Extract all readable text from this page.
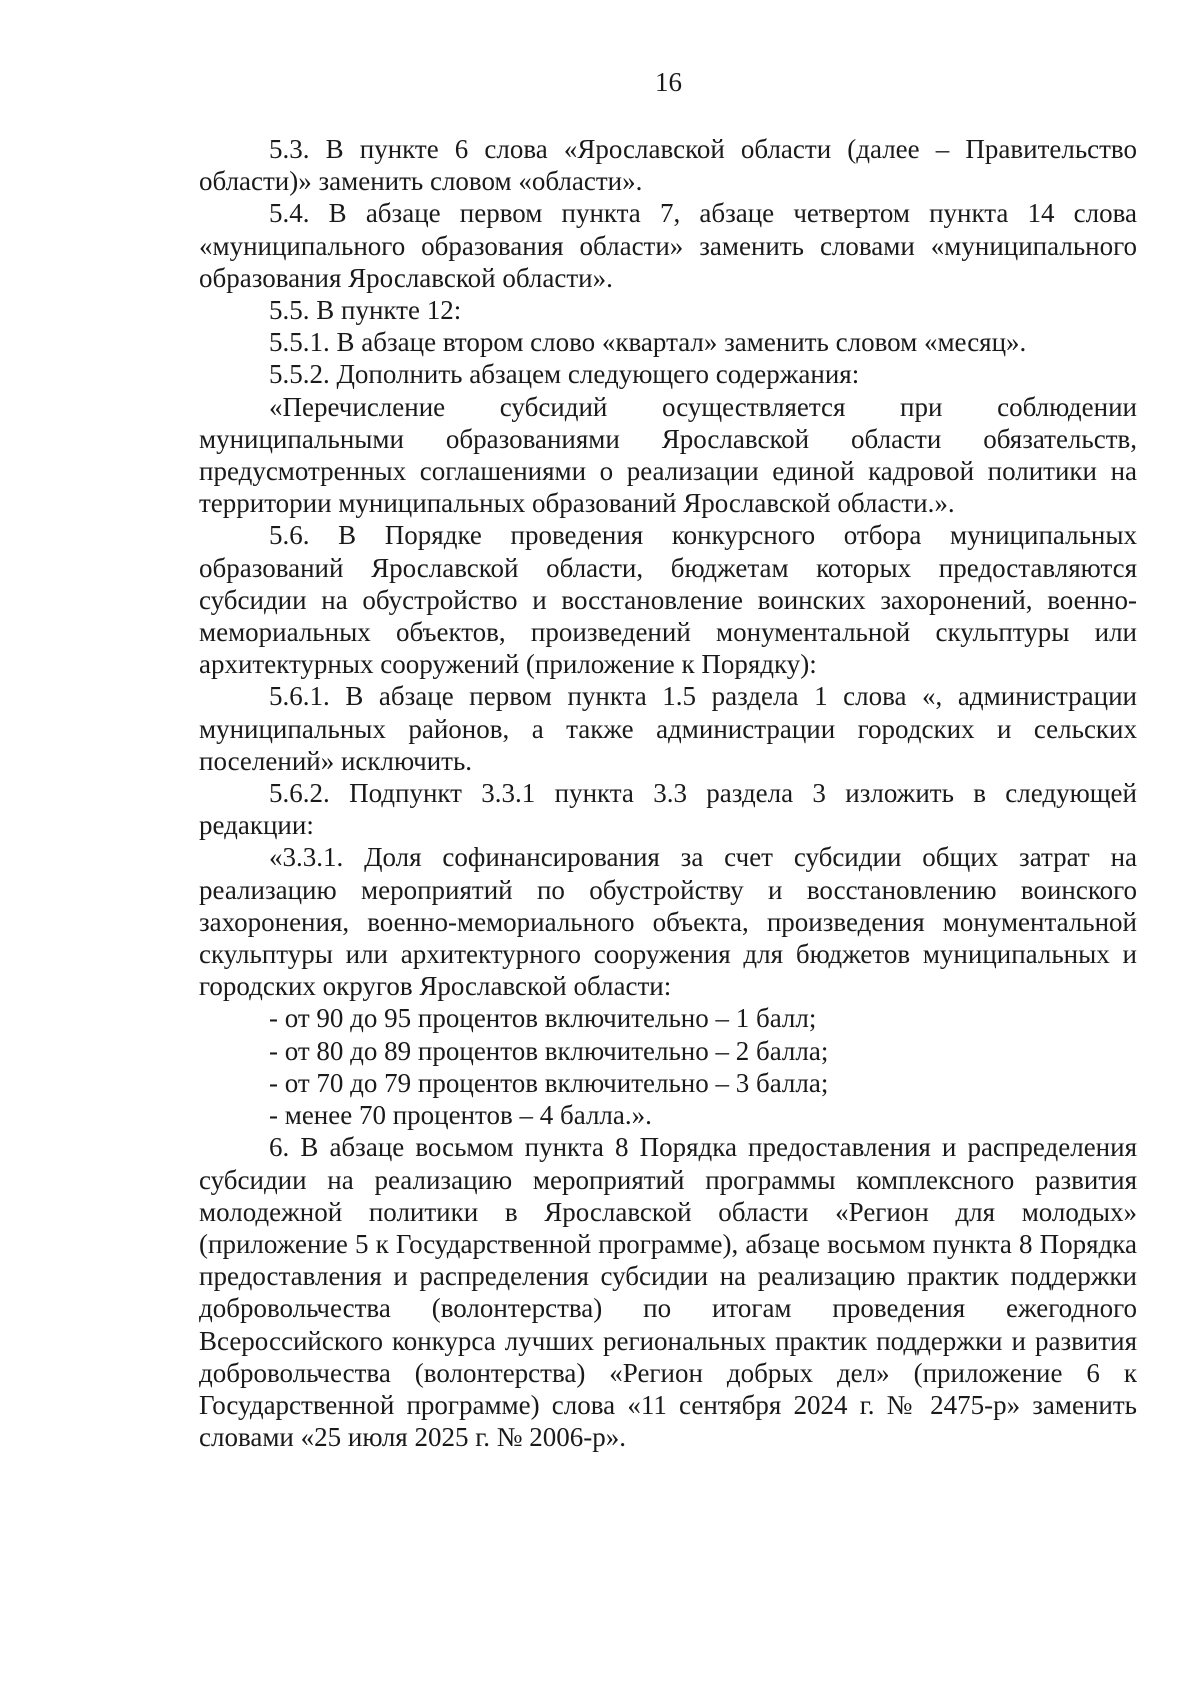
16

5.3. В пункте 6 слова «Ярославской области (далее – Правительство области)» заменить словом «области».

5.4. В абзаце первом пункта 7, абзаце четвертом пункта 14 слова «муниципального образования области» заменить словами «муниципального образования Ярославской области».

5.5. В пункте 12:

5.5.1. В абзаце втором слово «квартал» заменить словом «месяц».

5.5.2. Дополнить абзацем следующего содержания:

«Перечисление субсидий осуществляется при соблюдении муниципальными образованиями Ярославской области обязательств, предусмотренных соглашениями о реализации единой кадровой политики на территории муниципальных образований Ярославской области.».

5.6. В Порядке проведения конкурсного отбора муниципальных образований Ярославской области, бюджетам которых предоставляются субсидии на обустройство и восстановление воинских захоронений, военно-мемориальных объектов, произведений монументальной скульптуры или архитектурных сооружений (приложение к Порядку):

5.6.1. В абзаце первом пункта 1.5 раздела 1 слова «, администрации муниципальных районов, а также администрации городских и сельских поселений» исключить.

5.6.2. Подпункт 3.3.1 пункта 3.3 раздела 3 изложить в следующей редакции:

«3.3.1. Доля софинансирования за счет субсидии общих затрат на реализацию мероприятий по обустройству и восстановлению воинского захоронения, военно-мемориального объекта, произведения монументальной скульптуры или архитектурного сооружения для бюджетов муниципальных и городских округов Ярославской области:

- от 90 до 95 процентов включительно – 1 балл;

- от 80 до 89 процентов включительно – 2 балла;

- от 70 до 79 процентов включительно – 3 балла;

- менее 70 процентов – 4 балла.».

6. В абзаце восьмом пункта 8 Порядка предоставления и распределения субсидии на реализацию мероприятий программы комплексного развития молодежной политики в Ярославской области «Регион для молодых» (приложение 5 к Государственной программе), абзаце восьмом пункта 8 Порядка предоставления и распределения субсидии на реализацию практик поддержки добровольчества (волонтерства) по итогам проведения ежегодного Всероссийского конкурса лучших региональных практик поддержки и развития добровольчества (волонтерства) «Регион добрых дел» (приложение 6 к Государственной программе) слова «11 сентября 2024 г. № 2475-р» заменить словами «25 июля 2025 г. № 2006-р».
